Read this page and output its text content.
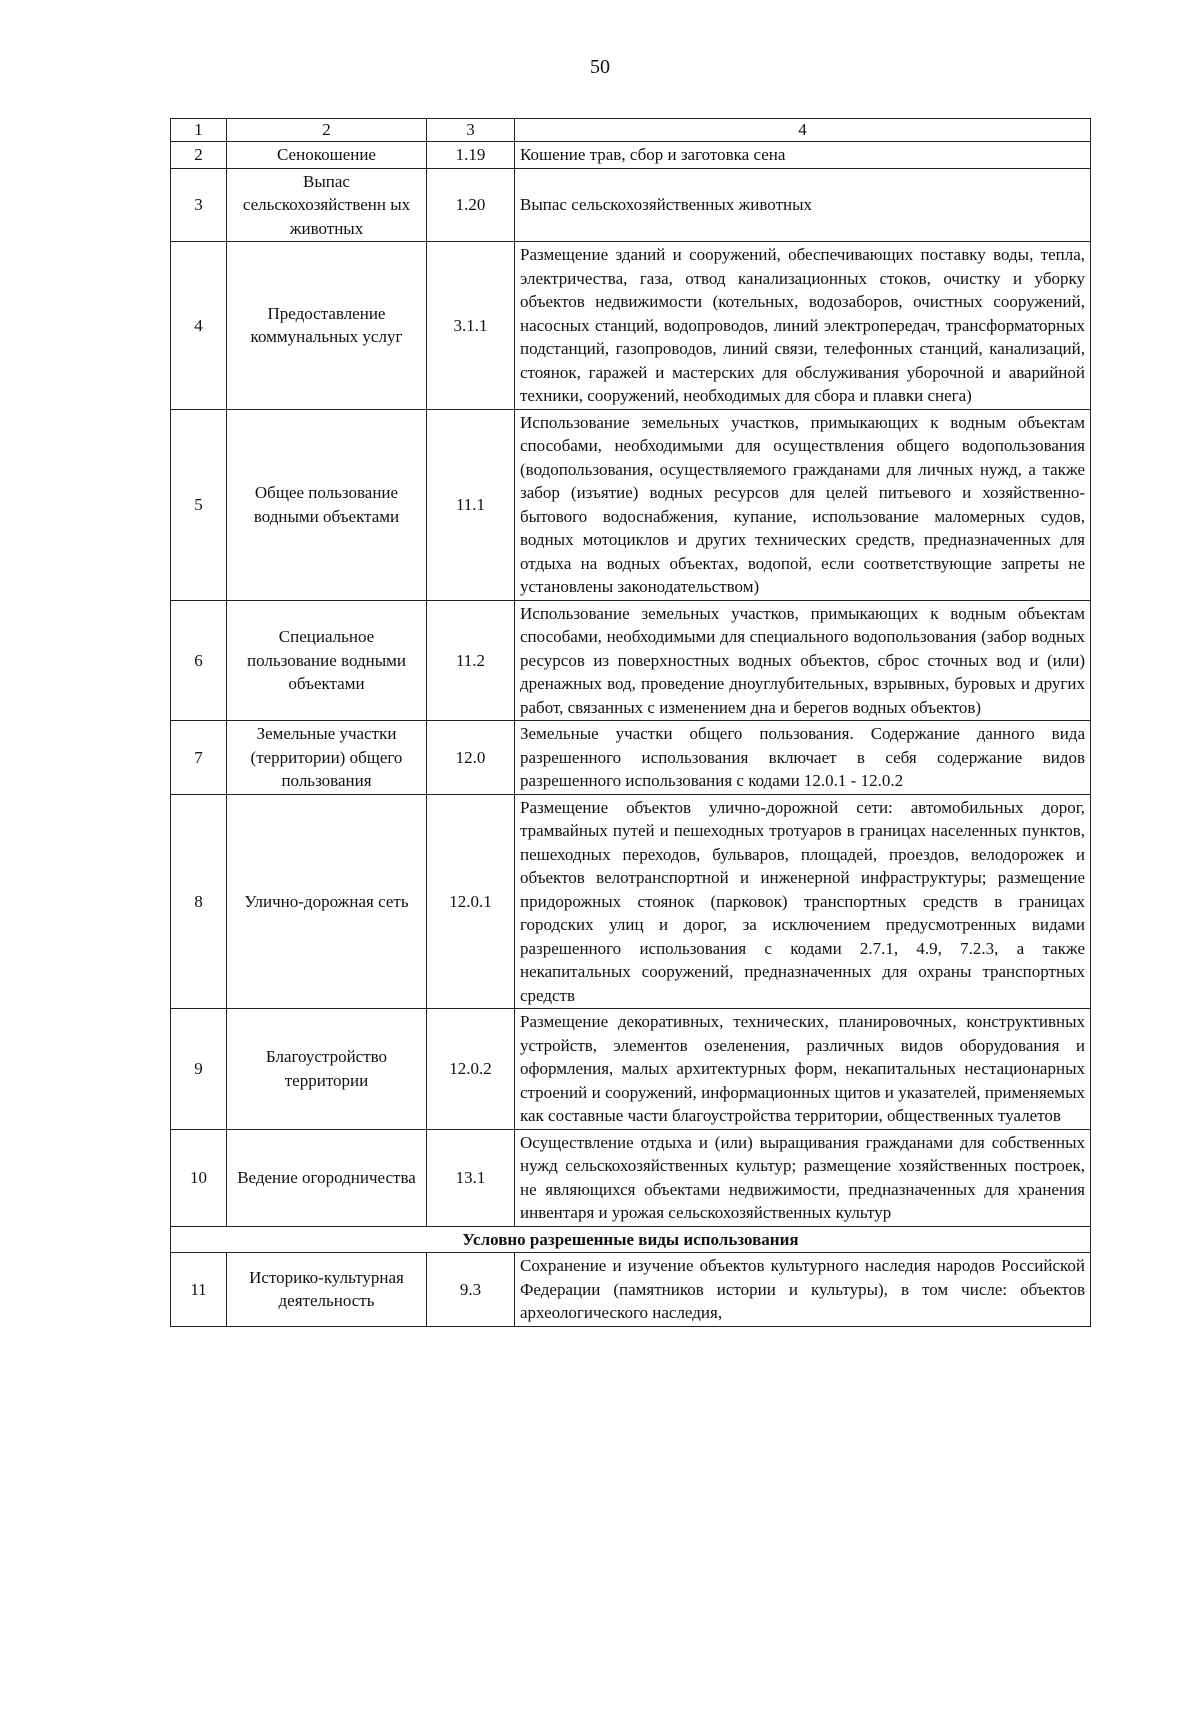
50
1	2	3	4
2	Сенокошение	1.19	Кошение трав, сбор и заготовка сена
3	Выпас сельскохозяйственн ых животных	1.20	Выпас сельскохозяйственных животных
4	Предоставление коммунальных услуг	3.1.1	Размещение зданий и сооружений, обеспечивающих поставку воды, тепла, электричества, газа, отвод канализационных стоков, очистку и уборку объектов недвижимости (котельных, водозаборов, очистных сооружений, насосных станций, водопроводов, линий электропередач, трансформаторных подстанций, газопроводов, линий связи, телефонных станций, канализаций, стоянок, гаражей и мастерских для обслуживания уборочной и аварийной техники, сооружений, необходимых для сбора и плавки снега)
5	Общее пользование водными объектами	11.1	Использование земельных участков, примыкающих к водным объектам способами, необходимыми для осуществления общего водопользования (водопользования, осуществляемого гражданами для личных нужд, а также забор (изъятие) водных ресурсов для целей питьевого и хозяйственно-бытового водоснабжения, купание, использование маломерных судов, водных мотоциклов и других технических средств, предназначенных для отдыха на водных объектах, водопой, если соответствующие запреты не установлены законодательством)
6	Специальное пользование водными объектами	11.2	Использование земельных участков, примыкающих к водным объектам способами, необходимыми для специального водопользования (забор водных ресурсов из поверхностных водных объектов, сброс сточных вод и (или) дренажных вод, проведение дноуглубительных, взрывных, буровых и других работ, связанных с изменением дна и берегов водных объектов)
7	Земельные участки (территории) общего пользования	12.0	Земельные участки общего пользования. Содержание данного вида разрешенного использования включает в себя содержание видов разрешенного использования с кодами 12.0.1 - 12.0.2
8	Улично-дорожная сеть	12.0.1	Размещение объектов улично-дорожной сети: автомобильных дорог, трамвайных путей и пешеходных тротуаров в границах населенных пунктов, пешеходных переходов, бульваров, площадей, проездов, велодорожек и объектов велотранспортной и инженерной инфраструктуры; размещение придорожных стоянок (парковок) транспортных средств в границах городских улиц и дорог, за исключением предусмотренных видами разрешенного использования с кодами 2.7.1, 4.9, 7.2.3, а также некапитальных сооружений, предназначенных для охраны транспортных средств
9	Благоустройство территории	12.0.2	Размещение декоративных, технических, планировочных, конструктивных устройств, элементов озеленения, различных видов оборудования и оформления, малых архитектурных форм, некапитальных нестационарных строений и сооружений, информационных щитов и указателей, применяемых как составные части благоустройства территории, общественных туалетов
10	Ведение огородничества	13.1	Осуществление отдыха и (или) выращивания гражданами для собственных нужд сельскохозяйственных культур; размещение хозяйственных построек, не являющихся объектами недвижимости, предназначенных для хранения инвентаря и урожая сельскохозяйственных культур
Условно разрешенные виды использования			
11	Историко-культурная деятельность	9.3	Сохранение и изучение объектов культурного наследия народов Российской Федерации (памятников истории и культуры), в том числе: объектов археологического наследия,
